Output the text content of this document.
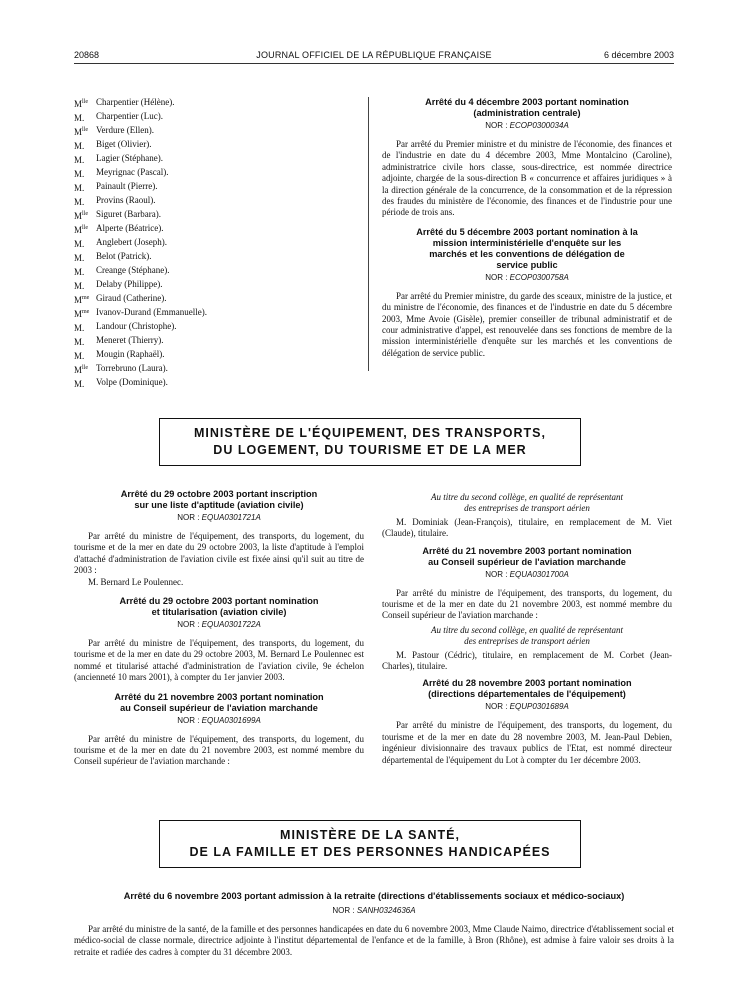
20868	JOURNAL OFFICIEL DE LA RÉPUBLIQUE FRANÇAISE	6 décembre 2003
$M^{lle}$ Charpentier (Hélène).
M.	Charpentier (Luc).
$M^{lle}$ Verdure (Ellen).
M.	Biget (Olivier).
M.	Lagier (Stéphane).
M.	Meyrignac (Pascal).
M.	Painault (Pierre).
M.	Provins (Raoul).
$M^{lle}$ Siguret (Barbara).
$M^{lle}$ Alperte (Béatrice).
M.	Anglebert (Joseph).
M.	Belot (Patrick).
M.	Creange (Stéphane).
M.	Delaby (Philippe).
$M^{me}$ Giraud (Catherine).
$M^{me}$ Ivanov-Durand (Emmanuelle).
M.	Landour (Christophe).
M.	Meneret (Thierry).
M.	Mougin (Raphaël).
$M^{lle}$ Torrebruno (Laura).
M.	Volpe (Dominique).
Arrêté du 4 décembre 2003 portant nomination
(administration centrale)
NOR : ECOP0300034A

Par arrêté du Premier ministre et du ministre de l'économie, des finances et de l'industrie en date du 4 décembre 2003, Mme Montalcino (Caroline), administratrice civile hors classe, sous-directrice, est nommée directrice adjointe, chargée de la sous-direction B « concurrence et affaires juridiques » à la direction générale de la concurrence, de la consommation et de la répression des fraudes du ministère de l'économie, des finances et de l'industrie pour une période de trois ans.

Arrêté du 5 décembre 2003 portant nomination à la
mission interministérielle d'enquête sur les
marchés et les conventions de délégation de
service public
NOR : ECOP0300758A

Par arrêté du Premier ministre, du garde des sceaux, ministre de la justice, et du ministre de l'économie, des finances et de l'industrie en date du 5 décembre 2003, Mme Avoie (Gisèle), premier conseiller de tribunal administratif et de cour administrative d'appel, est renouvelée dans ses fonctions de membre de la mission interministérielle d'enquête sur les marchés et les conventions de délégation de service public.

MINISTÈRE DE L'ÉQUIPEMENT, DES TRANSPORTS,
DU LOGEMENT, DU TOURISME ET DE LA MER
Arrêté du 29 octobre 2003 portant inscription
sur une liste d'aptitude (aviation civile)
NOR : EQUA0301721A

Par arrêté du ministre de l'équipement, des transports, du logement, du tourisme et de la mer en date du 29 octobre 2003, la liste d'aptitude à l'emploi d'attaché d'administration de l'aviation civile est fixée ainsi qu'il suit au titre de 2003 :

M. Bernard Le Poulennec.

Arrêté du 29 octobre 2003 portant nomination
et titularisation (aviation civile)
NOR : EQUA0301722A

Par arrêté du ministre de l'équipement, des transports, du logement, du tourisme et de la mer en date du 29 octobre 2003, M. Bernard Le Poulennec est nommé et titularisé attaché d'administration de l'aviation civile, 9e échelon (ancienneté 10 mars 2001), à compter du 1er janvier 2003.

Arrêté du 21 novembre 2003 portant nomination
au Conseil supérieur de l'aviation marchande
NOR : EQUA0301699A

Par arrêté du ministre de l'équipement, des transports, du logement, du tourisme et de la mer en date du 21 novembre 2003, est nommé membre du Conseil supérieur de l'aviation marchande :

Au titre du second collège, en qualité de représentant
des entreprises de transport aérien

M. Dominiak (Jean-François), titulaire, en remplacement de M. Viet (Claude), titulaire.

Arrêté du 21 novembre 2003 portant nomination
au Conseil supérieur de l'aviation marchande
NOR : EQUA0301700A

Par arrêté du ministre de l'équipement, des transports, du logement, du tourisme et de la mer en date du 21 novembre 2003, est nommé membre du Conseil supérieur de l'aviation marchande :

Au titre du second collège, en qualité de représentant
des entreprises de transport aérien

M. Pastour (Cédric), titulaire, en remplacement de M. Corbet (Jean-Charles), titulaire.

Arrêté du 28 novembre 2003 portant nomination
(directions départementales de l'équipement)
NOR : EQUP0301689A

Par arrêté du ministre de l'équipement, des transports, du logement, du tourisme et de la mer en date du 28 novembre 2003, M. Jean-Paul Debien, ingénieur divisionnaire des travaux publics de l'Etat, est nommé directeur départemental de l'équipement du Lot à compter du 1er décembre 2003.

MINISTÈRE DE LA SANTÉ,
DE LA FAMILLE ET DES PERSONNES HANDICAPÉES
Arrêté du 6 novembre 2003 portant admission à la retraite (directions d'établissements sociaux et médico-sociaux)
NOR : SANH0324636A

Par arrêté du ministre de la santé, de la famille et des personnes handicapées en date du 6 novembre 2003, Mme Claude Naimo, directrice d'établissement social et médico-social de classe normale, directrice adjointe à l'institut départemental de l'enfance et de la famille, à Bron (Rhône), est admise à faire valoir ses droits à la retraite et radiée des cadres à compter du 31 décembre 2003.
